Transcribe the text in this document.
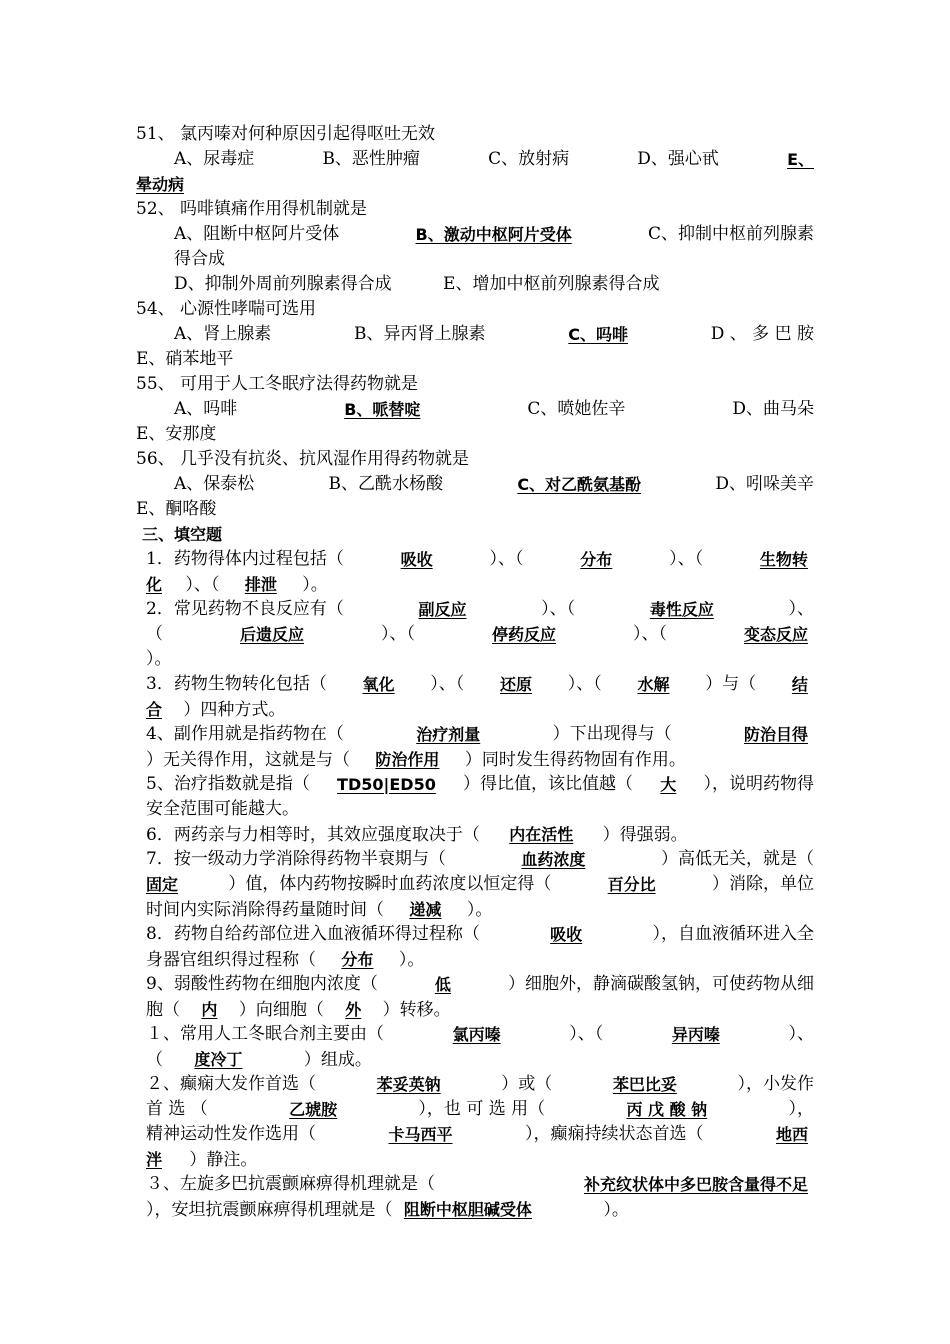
51、 氯丙嗪对何种原因引起得呕吐无效
A、尿毒症	B、恶性肿瘤	C、放射病	D、强心甙	E、
晕动病
52、 吗啡镇痛作用得机制就是
A、阻断中枢阿片受体	B、激动中枢阿片受体	C、抑制中枢前列腺素
得合成
D、抑制外周前列腺素得合成	E、增加中枢前列腺素得合成
54、 心源性哮喘可选用
A、肾上腺素	B、异丙肾上腺素	C、吗啡	D 、 多 巴 胺
E、硝苯地平
55、 可用于人工冬眠疗法得药物就是
A、吗啡	B、哌替啶	C、喷她佐辛	D、曲马朵
E、安那度
56、 几乎没有抗炎、抗风湿作用得药物就是
A、保泰松	B、乙酰水杨酸	C、对乙酰氨基酚	D、吲哚美辛
E、酮咯酸
三、填空题
1．药物得体内过程包括（	吸收	）、（	分布	）、（	生物转
化 ）、（ 排泄 ）。
2．常见药物不良反应有（	副反应	）、（	毒性反应	）、
（	后遗反应	）、（	停药反应	）、（	变态反应
）。
3．药物生物转化包括（	氧化	）、（	还原	）、（	水解	）与（	结
合 ）四种方式。
4、副作用就是指药物在（	治疗剂量	）下出现得与（	防治目得
）无关得作用，这就是与（ 防治作用 ）同时发生得药物固有作用。
5、治疗指数就是指（	TD50|ED50	）得比值，该比值越（	大	），说明药物得
安全范围可能越大。
6．两药亲与力相等时，其效应强度取决于（ 内在活性 ）得强弱。
7．按一级动力学消除得药物半衰期与（	血药浓度	）高低无关，就是（
固定	）值，体内药物按瞬时血药浓度以恒定得（	百分比	）消除，单位
时间内实际消除得药量随时间（ 递减 ）。
8．药物自给药部位进入血液循环得过程称（	吸收	），自血液循环进入全
身器官组织得过程称（ 分布 ）。
9、弱酸性药物在细胞内浓度（	低	）细胞外，静滴碳酸氢钠，可使药物从细
胞（ 内 ）向细胞（ 外 ）转移。
１、常用人工冬眠合剂主要由（	氯丙嗪	）、（	异丙嗪	）、
（ 度冷丁	）组成。
２、癫痫大发作首选（	苯妥英钠	）或（	苯巴比妥	），小发作
首 选 （	乙琥胺	），也 可 选 用（	丙 戊 酸 钠	），
精神运动性发作选用（	卡马西平	），癫痫持续状态首选（	地西
泮 ）静注。
３、左旋多巴抗震颤麻痹得机理就是（	补充纹状体中多巴胺含量得不足
），安坦抗震颤麻痹得机理就是（ 阻断中枢胆碱受体	）。
